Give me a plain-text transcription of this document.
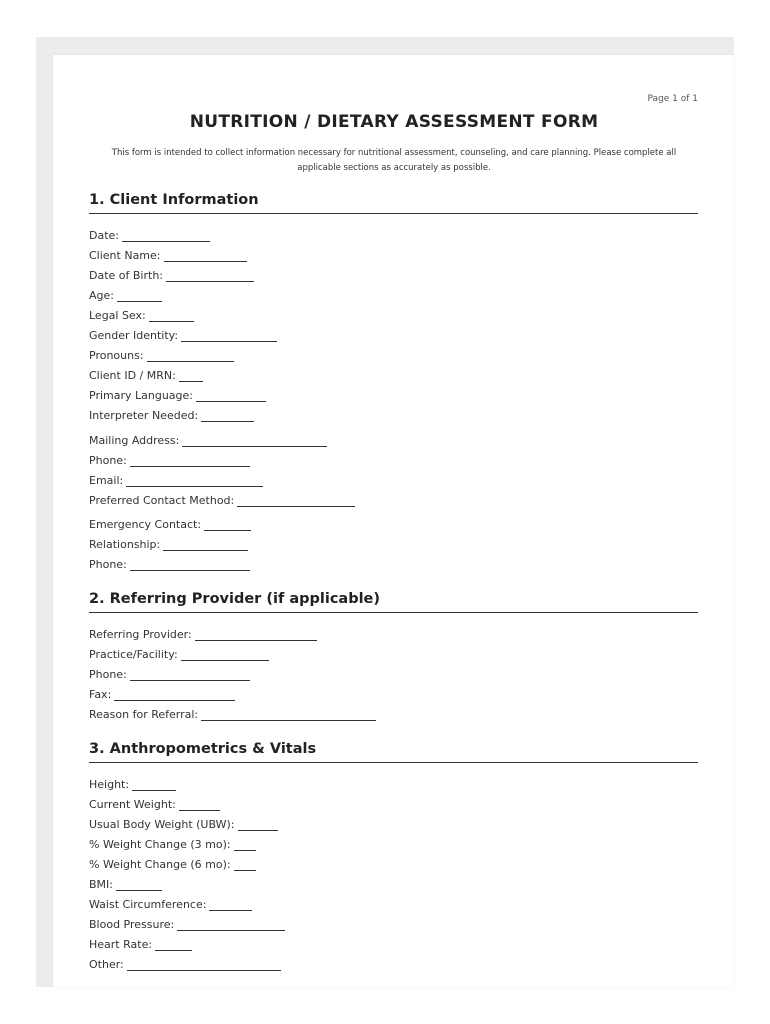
Page 1 of 1
NUTRITION / DIETARY ASSESSMENT FORM
This form is intended to collect information necessary for nutritional assessment, counseling, and care planning. Please complete all applicable sections as accurately as possible.
1. Client Information
Date:
Client Name:
Date of Birth:
Age:
Legal Sex:
Gender Identity:
Pronouns:
Client ID / MRN:
Primary Language:
Interpreter Needed:
Mailing Address:
Phone:
Email:
Preferred Contact Method:
Emergency Contact:
Relationship:
Phone:
2. Referring Provider (if applicable)
Referring Provider:
Practice/Facility:
Phone:
Fax:
Reason for Referral:
3. Anthropometrics & Vitals
Height:
Current Weight:
Usual Body Weight (UBW):
% Weight Change (3 mo):
% Weight Change (6 mo):
BMI:
Waist Circumference:
Blood Pressure:
Heart Rate:
Other:
